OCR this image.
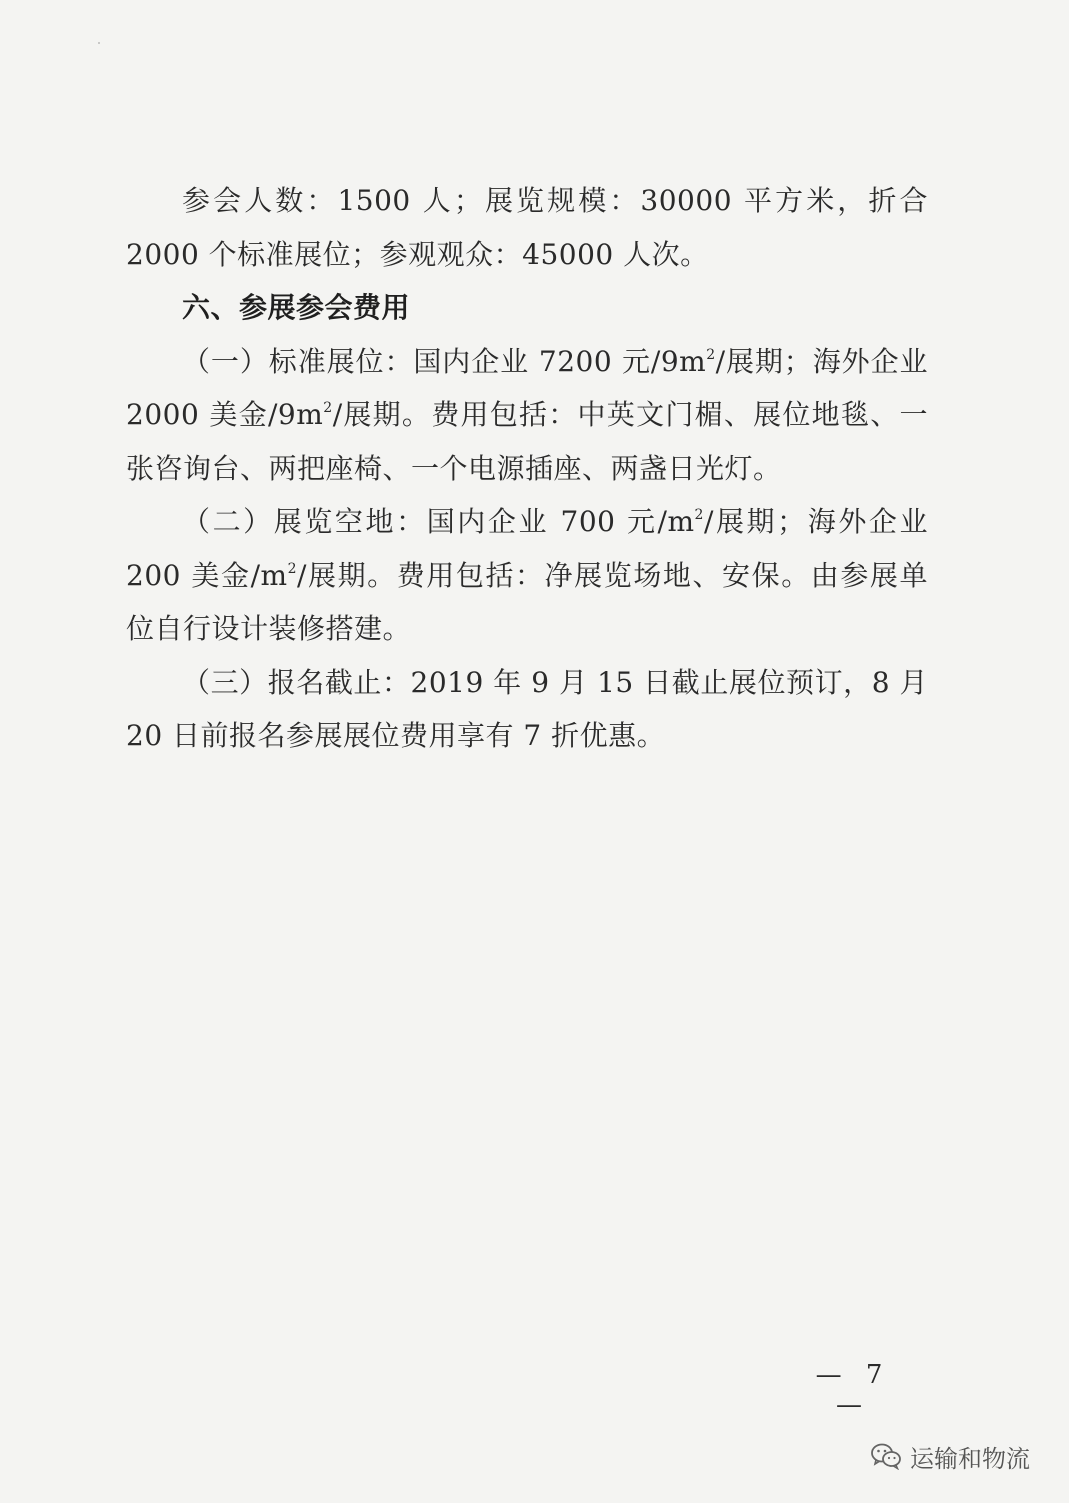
参会人数：1500 人；展览规模：30000 平方米，折合 2000 个标准展位；参观观众：45000 人次。

六、参展参会费用

（一）标准展位：国内企业 7200 元$/9m^2/$展期；海外企业 2000 美金$/9m^2/$展期。费用包括：中英文门楣、展位地毯、一张咨询台、两把座椅、一个电源插座、两盏日光灯。

（二）展览空地：国内企业 700 元$/m^2/$展期；海外企业 200 美金$/m^2/$展期。费用包括：净展览场地、安保。由参展单位自行设计装修搭建。

（三）报名截止：2019 年 9 月 15 日截止展位预订，8 月 20 日前报名参展展位费用享有 7 折优惠。

— 7 —
运输和物流
